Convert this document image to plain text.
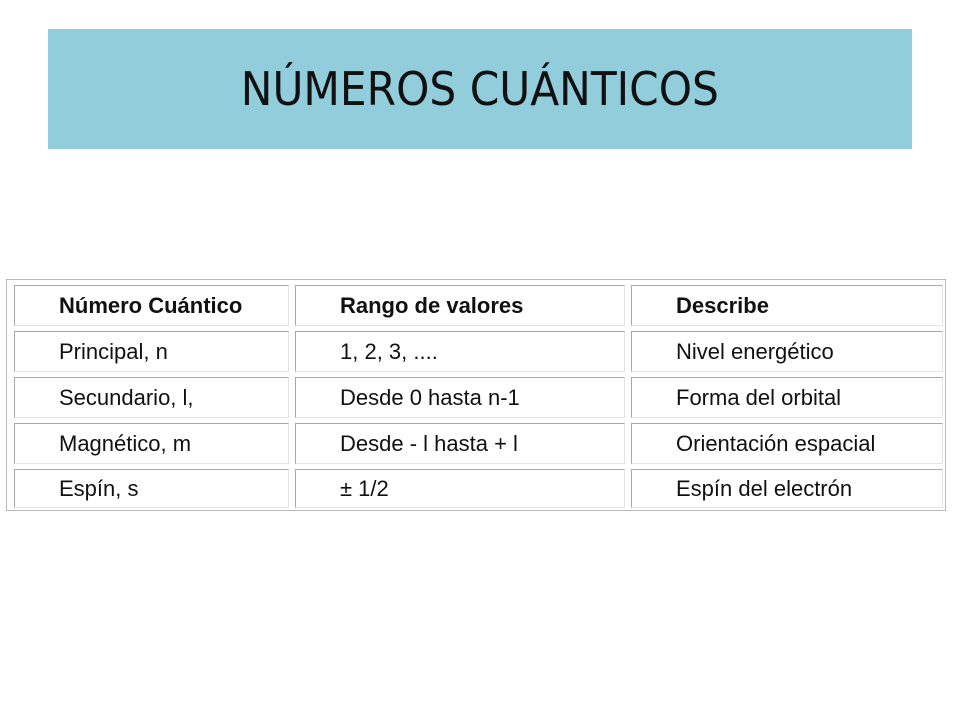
NÚMEROS CUÁNTICOS
Número Cuántico	Rango de valores	Describe
Principal, n	1, 2, 3, ....	Nivel energético
Secundario, l,	Desde 0 hasta n-1	Forma del orbital
Magnético, m	Desde - l hasta + l	Orientación espacial
Espín, s	± 1/2	Espín del electrón
